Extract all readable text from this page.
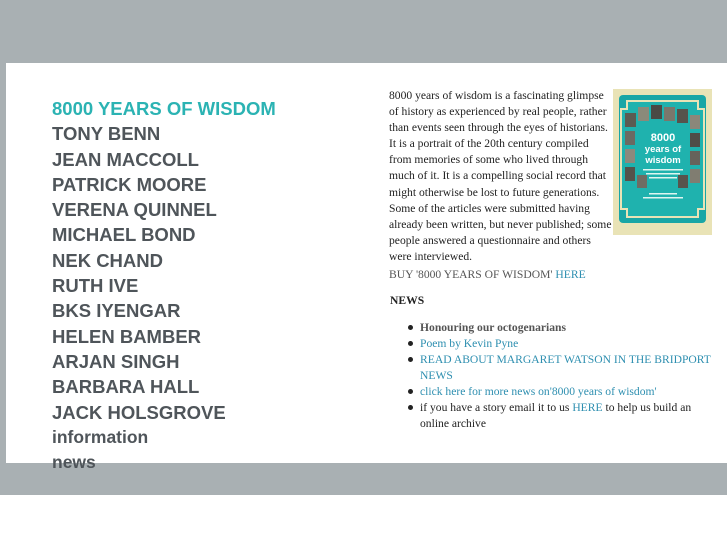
8000 YEARS OF WISDOM
TONY BENN
JEAN MACCOLL
PATRICK MOORE
VERENA QUINNEL
MICHAEL BOND
NEK CHAND
RUTH IVE
BKS IYENGAR
HELEN BAMBER
ARJAN SINGH
BARBARA HALL
JACK HOLSGROVE
information
news

8000 years of wisdom is a fascinating glimpse of history as experienced by real people, rather than events seen through the eyes of historians. It is a portrait of the 20th century compiled from memories of some who lived through much of it. It is a compelling social record that might otherwise be lost to future generations. Some of the articles were submitted having already been written, but never published; some people answered a questionnaire and others were interviewed.

8000
years of
wisdom

BUY '8000 YEARS OF WISDOM' HERE

NEWS
Honouring our octogenarians
Poem by Kevin Pyne
READ ABOUT MARGARET WATSON IN THE BRIDPORT NEWS
click here for more news on'8000 years of wisdom'
if you have a story email it to us HERE to help us build an online archive
